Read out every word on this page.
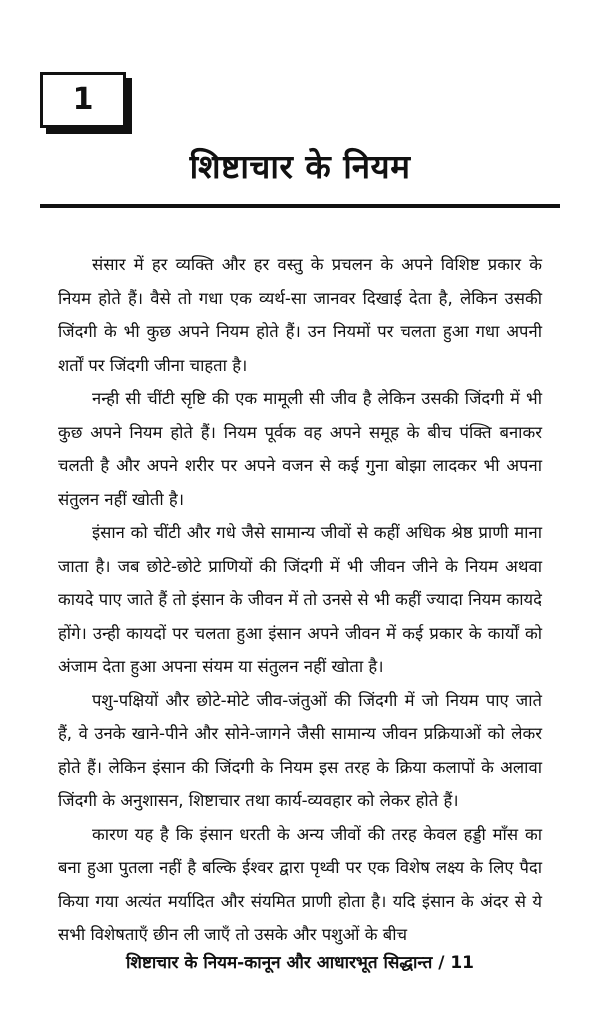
1
शिष्टाचार के नियम

संसार में हर व्यक्ति और हर वस्तु के प्रचलन के अपने विशिष्ट प्रकार के नियम होते हैं। वैसे तो गधा एक व्यर्थ-सा जानवर दिखाई देता है, लेकिन उसकी जिंदगी के भी कुछ अपने नियम होते हैं। उन नियमों पर चलता हुआ गधा अपनी शर्तों पर जिंदगी जीना चाहता है।

नन्ही सी चींटी सृष्टि की एक मामूली सी जीव है लेकिन उसकी जिंदगी में भी कुछ अपने नियम होते हैं। नियम पूर्वक वह अपने समूह के बीच पंक्ति बनाकर चलती है और अपने शरीर पर अपने वजन से कई गुना बोझा लादकर भी अपना संतुलन नहीं खोती है।

इंसान को चींटी और गधे जैसे सामान्य जीवों से कहीं अधिक श्रेष्ठ प्राणी माना जाता है। जब छोटे-छोटे प्राणियों की जिंदगी में भी जीवन जीने के नियम अथवा कायदे पाए जाते हैं तो इंसान के जीवन में तो उनसे से भी कहीं ज्यादा नियम कायदे होंगे। उन्ही कायदों पर चलता हुआ इंसान अपने जीवन में कई प्रकार के कार्यों को अंजाम देता हुआ अपना संयम या संतुलन नहीं खोता है।

पशु-पक्षियों और छोटे-मोटे जीव-जंतुओं की जिंदगी में जो नियम पाए जाते हैं, वे उनके खाने-पीने और सोने-जागने जैसी सामान्य जीवन प्रक्रियाओं को लेकर होते हैं। लेकिन इंसान की जिंदगी के नियम इस तरह के क्रिया कलापों के अलावा जिंदगी के अनुशासन, शिष्टाचार तथा कार्य-व्यवहार को लेकर होते हैं।

कारण यह है कि इंसान धरती के अन्य जीवों की तरह केवल हड्डी माँस का बना हुआ पुतला नहीं है बल्कि ईश्वर द्वारा पृथ्वी पर एक विशेष लक्ष्य के लिए पैदा किया गया अत्यंत मर्यादित और संयमित प्राणी होता है। यदि इंसान के अंदर से ये सभी विशेषताएँ छीन ली जाएँ तो उसके और पशुओं के बीच

शिष्टाचार के नियम-कानून और आधारभूत सिद्धान्त / 11
